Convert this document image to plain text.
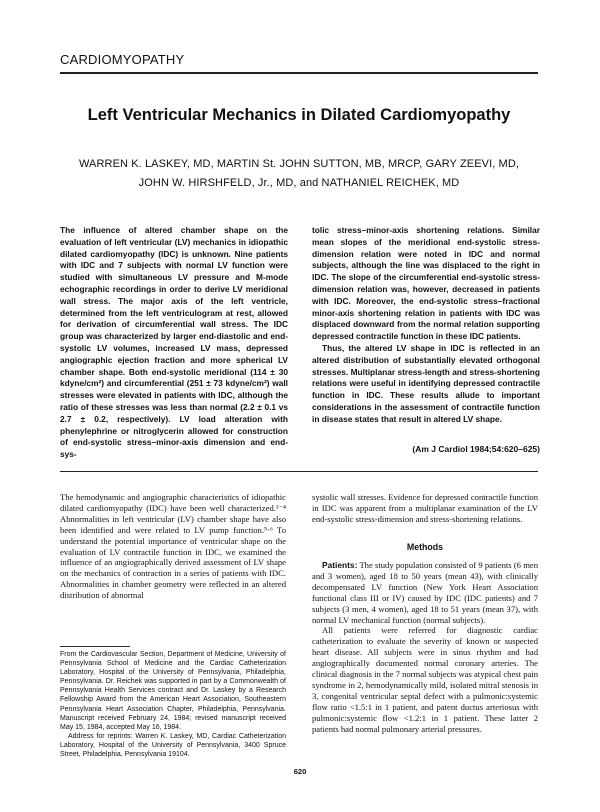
CARDIOMYOPATHY
Left Ventricular Mechanics in Dilated Cardiomyopathy
WARREN K. LASKEY, MD, MARTIN St. JOHN SUTTON, MB, MRCP, GARY ZEEVI, MD,
JOHN W. HIRSHFELD, Jr., MD, and NATHANIEL REICHEK, MD

The influence of altered chamber shape on the evaluation of left ventricular (LV) mechanics in idiopathic dilated cardiomyopathy (IDC) is unknown. Nine patients with IDC and 7 subjects with normal LV function were studied with simultaneous LV pressure and M-mode echographic recordings in order to derive LV meridional wall stress. The major axis of the left ventricle, determined from the left ventriculogram at rest, allowed for derivation of circumferential wall stress. The IDC group was characterized by larger end-diastolic and end-systolic LV volumes, increased LV mass, depressed angiographic ejection fraction and more spherical LV chamber shape. Both end-systolic meridional (114 ± 30 kdyne/cm²) and circumferential (251 ± 73 kdyne/cm²) wall stresses were elevated in patients with IDC, although the ratio of these stresses was less than normal (2.2 ± 0.1 vs 2.7 ± 0.2, respectively). LV load alteration with phenylephrine or nitroglycerin allowed for construction of end-systolic stress–minor-axis dimension and end-sys-

tolic stress–minor-axis shortening relations. Similar mean slopes of the meridional end-systolic stress-dimension relation were noted in IDC and normal subjects, although the line was displaced to the right in IDC. The slope of the circumferential end-systolic stress-dimension relation was, however, decreased in patients with IDC. Moreover, the end-systolic stress–fractional minor-axis shortening relation in patients with IDC was displaced downward from the normal relation supporting depressed contractile function in these IDC patients.

Thus, the altered LV shape in IDC is reflected in an altered distribution of substantially elevated orthogonal stresses. Multiplanar stress-length and stress-shortening relations were useful in identifying depressed contractile function in IDC. These results allude to important considerations in the assessment of contractile function in disease states that result in altered LV shape.

(Am J Cardiol 1984;54:620–625)

The hemodynamic and angiographic characteristics of idiopathic dilated cardiomyopathy (IDC) have been well characterized.¹⁻⁴ Abnormalities in left ventricular (LV) chamber shape have also been identified and were related to LV pump function.⁵·⁶ To understand the potential importance of ventricular shape on the evaluation of LV contractile function in IDC, we examined the influence of an angiographically derived assessment of LV shape on the mechanics of contraction in a series of patients with IDC. Abnormalities in chamber geometry were reflected in an altered distribution of abnormal

systolic wall stresses. Evidence for depressed contractile function in IDC was apparent from a multiplanar examination of the LV end-systolic stress-dimension and stress-shortening relations.

Methods

Patients: The study population consisted of 9 patients (6 men and 3 women), aged 18 to 50 years (mean 43), with clinically decompensated LV function (New York Heart Association functional class III or IV) caused by IDC (IDC patients) and 7 subjects (3 men, 4 women), aged 18 to 51 years (mean 37), with normal LV mechanical function (normal subjects).

All patients were referred for diagnostic cardiac catheterization to evaluate the severity of known or suspected heart disease. All subjects were in sinus rhythm and had angiographically documented normal coronary arteries. The clinical diagnosis in the 7 normal subjects was atypical chest pain syndrome in 2, hemodynamically mild, isolated mitral stenosis in 3, congenital ventricular septal defect with a pulmonic:systemic flow ratio <1.5:1 in 1 patient, and patent ductus arteriosus with pulmonic:systemic flow <1.2:1 in 1 patient. These latter 2 patients had normal pulmonary arterial pressures.

From the Cardiovascular Section, Department of Medicine, University of Pennsylvania School of Medicine and the Cardiac Catheterization Laboratory, Hospital of the University of Pennsylvania, Philadelphia, Pennsylvania. Dr. Reichek was supported in part by a Commonwealth of Pennsylvania Health Services contract and Dr. Laskey by a Research Fellowship Award from the American Heart Association, Southeastern Pennsylvania Heart Association Chapter, Philadelphia, Pennsylvania. Manuscript received February 24, 1984; revised manuscript received May 15, 1984, accepted May 16, 1984.

Address for reprints: Warren K. Laskey, MD, Cardiac Catheterization Laboratory, Hospital of the University of Pennsylvania, 3400 Spruce Street, Philadelphia, Pennsylvania 19104.

620
